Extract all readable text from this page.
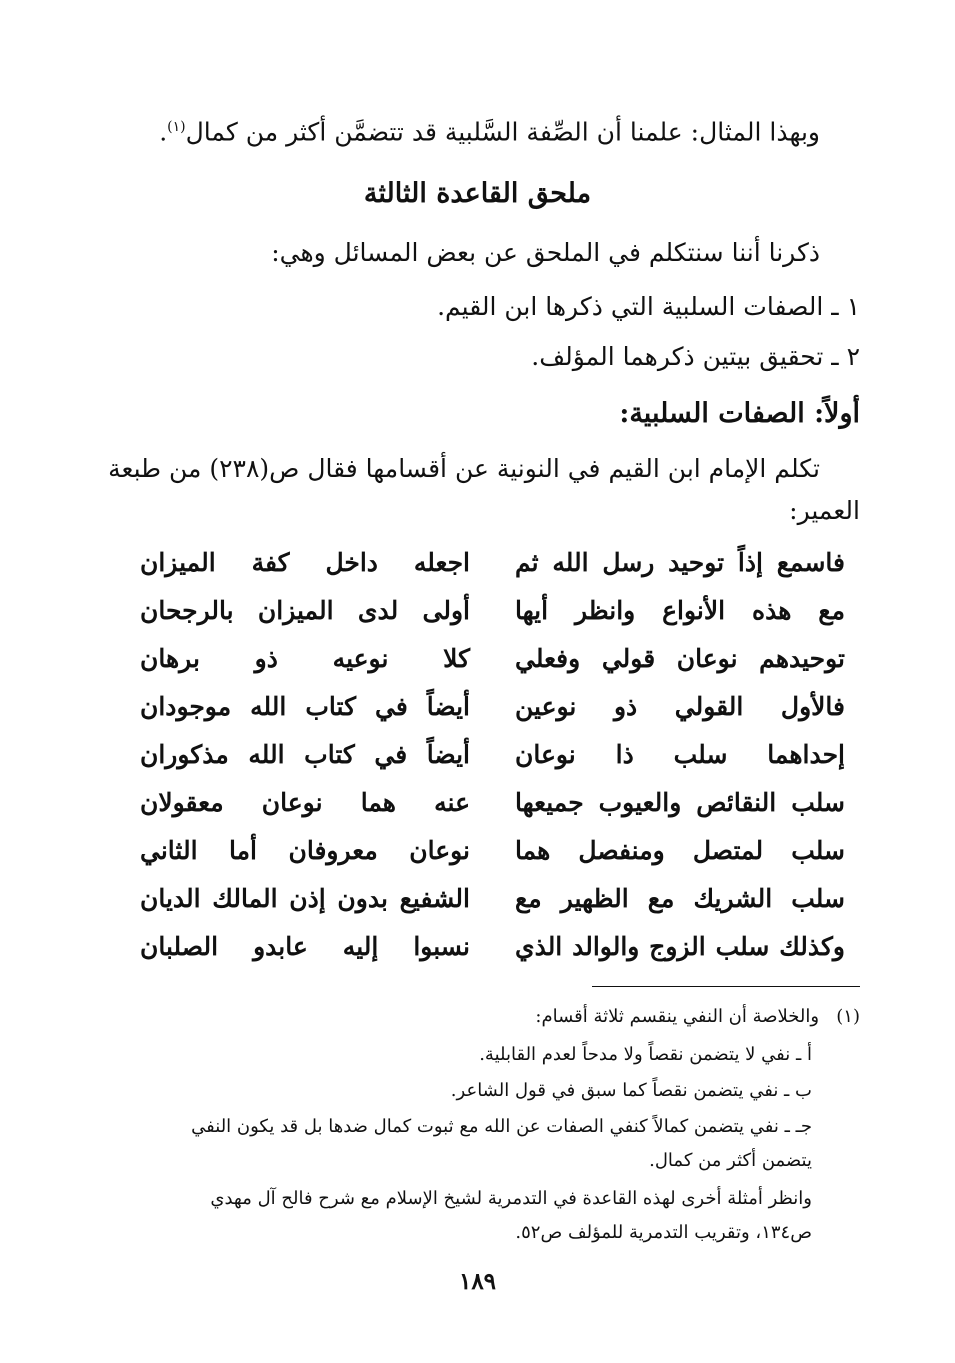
وبهذا المثال: علمنا أن الصِّفة السَّلبية قد تتضمَّن أكثر من كمال$^{(١)}$.
ملحق القاعدة الثالثة
ذكرنا أننا سنتكلم في الملحق عن بعض المسائل وهي:
١ ـ الصفات السلبية التي ذكرها ابن القيم.
٢ ـ تحقيق بيتين ذكرهما المؤلف.
أولاً: الصفات السلبية:
تكلم الإمام ابن القيم في النونية عن أقسامها فقال ص(٢٣٨) من طبعة
العمير:
فاسمع إذاً توحيد رسل الله ثم
اجعله داخل كفة الميزان
مع هذه الأنواع وانظر أيها
أولى لدى الميزان بالرجحان
توحيدهم نوعان قولي وفعلي
كلا نوعيه ذو برهان
فالأول القولي ذو نوعين
أيضاً في كتاب الله موجودان
إحداهما سلب ذا نوعان
أيضاً في كتاب الله مذكوران
سلب النقائص والعيوب جميعها
عنه هما نوعان معقولان
سلب لمتصل ومنفصل هما
نوعان معروفان أما الثاني
سلب الشريك مع الظهير مع
الشفيع بدون إذن المالك الديان
وكذلك سلب الزوج والوالد الذي
نسبوا إليه عابدو الصلبان
(١)   والخلاصة أن النفي ينقسم ثلاثة أقسام:
أ ـ نفي لا يتضمن نقصاً ولا مدحاً لعدم القابلية.
ب ـ نفي يتضمن نقصاً كما سبق في قول الشاعر.
جـ ـ نفي يتضمن كمالاً كنفي الصفات عن الله مع ثبوت كمال ضدها بل قد يكون النفي
يتضمن أكثر من كمال.
وانظر أمثلة أخرى لهذه القاعدة في التدمرية لشيخ الإسلام مع شرح فالح آل مهدي
ص١٣٤، وتقريب التدمرية للمؤلف ص٥٢.
١٨٩
